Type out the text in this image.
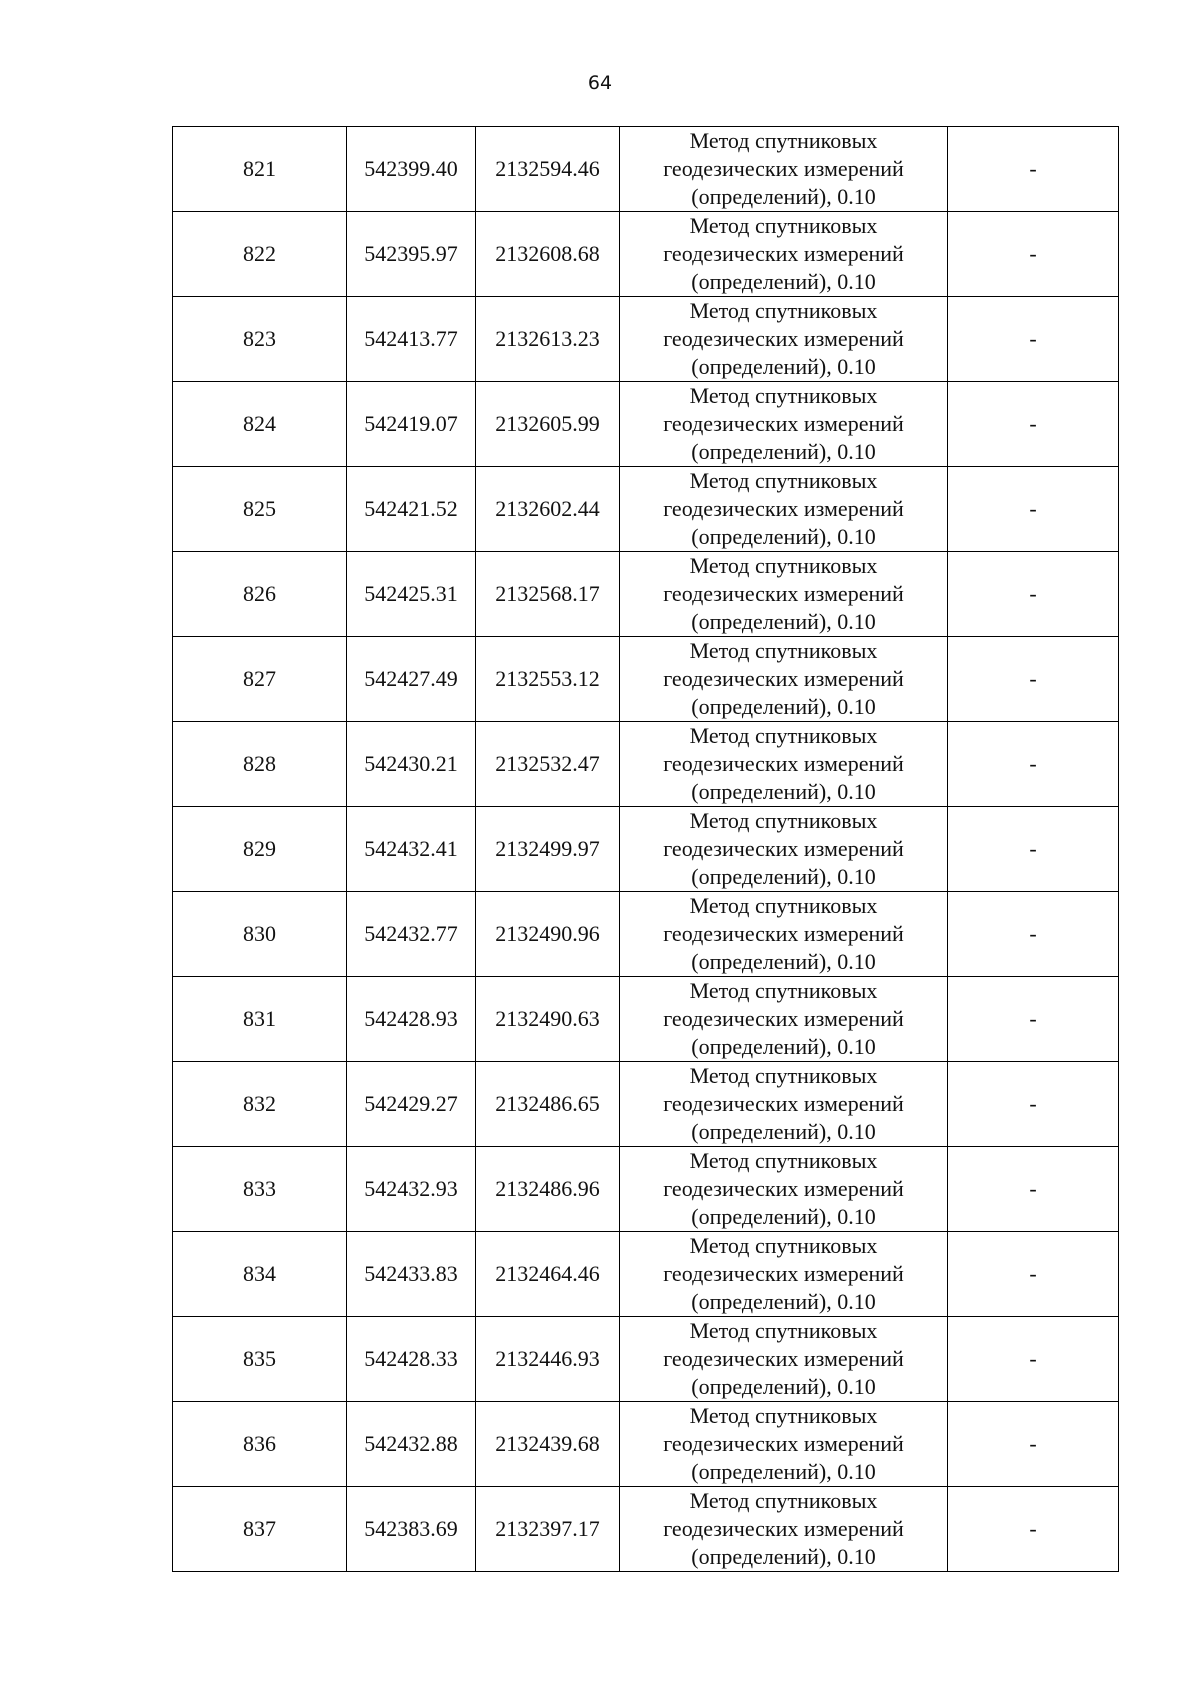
64
821	542399.40	2132594.46	Метод спутниковых
геодезических измерений
(определений), 0.10	-
822	542395.97	2132608.68	Метод спутниковых
геодезических измерений
(определений), 0.10	-
823	542413.77	2132613.23	Метод спутниковых
геодезических измерений
(определений), 0.10	-
824	542419.07	2132605.99	Метод спутниковых
геодезических измерений
(определений), 0.10	-
825	542421.52	2132602.44	Метод спутниковых
геодезических измерений
(определений), 0.10	-
826	542425.31	2132568.17	Метод спутниковых
геодезических измерений
(определений), 0.10	-
827	542427.49	2132553.12	Метод спутниковых
геодезических измерений
(определений), 0.10	-
828	542430.21	2132532.47	Метод спутниковых
геодезических измерений
(определений), 0.10	-
829	542432.41	2132499.97	Метод спутниковых
геодезических измерений
(определений), 0.10	-
830	542432.77	2132490.96	Метод спутниковых
геодезических измерений
(определений), 0.10	-
831	542428.93	2132490.63	Метод спутниковых
геодезических измерений
(определений), 0.10	-
832	542429.27	2132486.65	Метод спутниковых
геодезических измерений
(определений), 0.10	-
833	542432.93	2132486.96	Метод спутниковых
геодезических измерений
(определений), 0.10	-
834	542433.83	2132464.46	Метод спутниковых
геодезических измерений
(определений), 0.10	-
835	542428.33	2132446.93	Метод спутниковых
геодезических измерений
(определений), 0.10	-
836	542432.88	2132439.68	Метод спутниковых
геодезических измерений
(определений), 0.10	-
837	542383.69	2132397.17	Метод спутниковых
геодезических измерений
(определений), 0.10	-
